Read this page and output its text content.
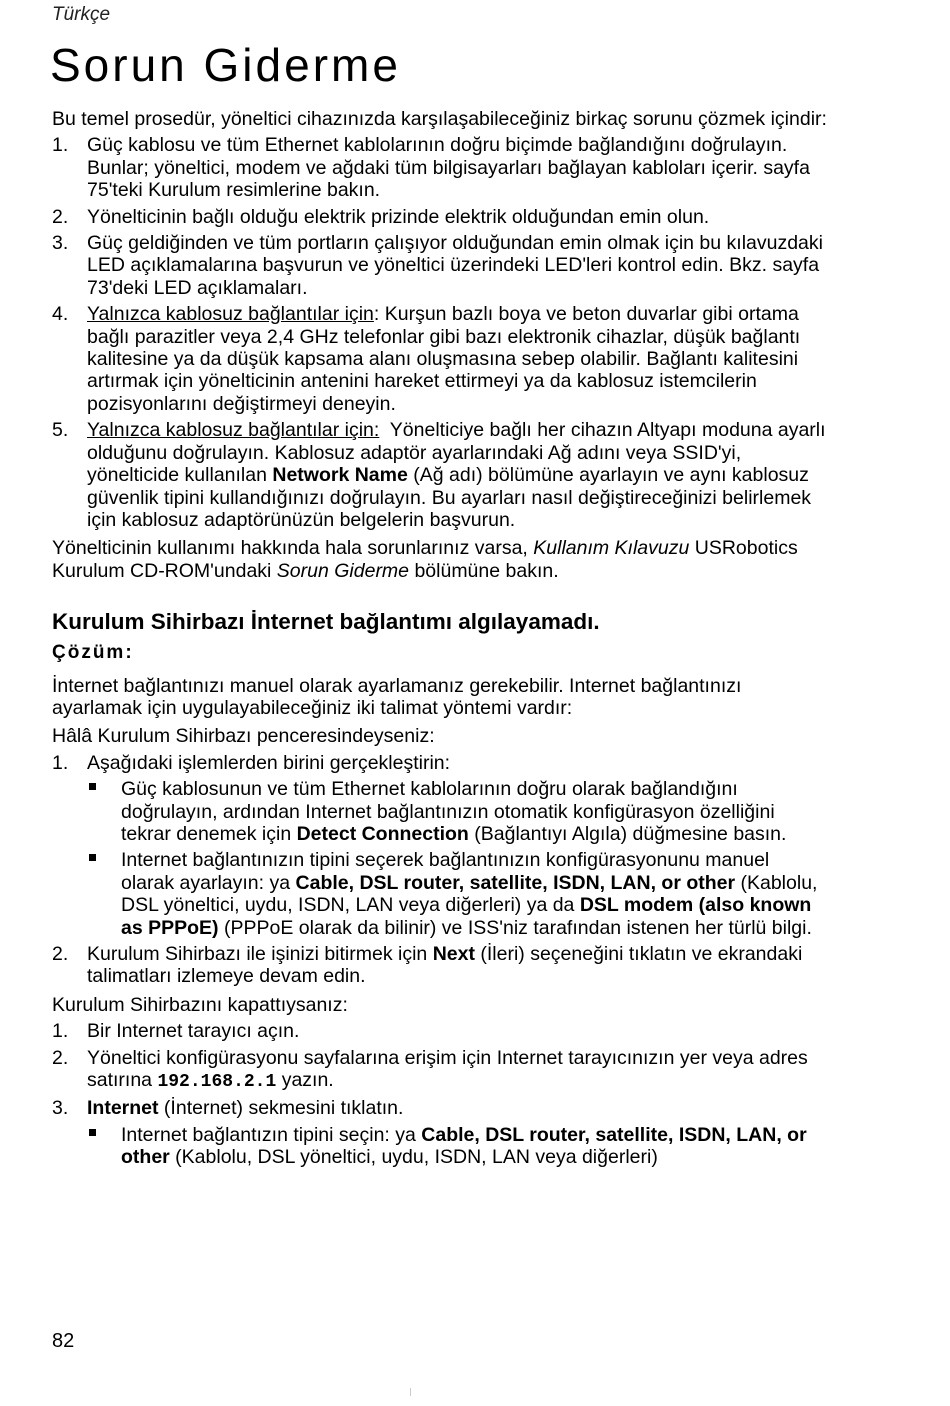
Türkçe
Sorun Giderme

Bu temel prosedür, yöneltici cihazınızda karşılaşabileceğiniz birkaç sorunu çözmek içindir:

1. Güç kablosu ve tüm Ethernet kablolarının doğru biçimde bağlandığını doğrulayın. Bunlar; yöneltici, modem ve ağdaki tüm bilgisayarları bağlayan kabloları içerir. sayfa 75'teki Kurulum resimlerine bakın.
2. Yönelticinin bağlı olduğu elektrik prizinde elektrik olduğundan emin olun.
3. Güç geldiğinden ve tüm portların çalışıyor olduğundan emin olmak için bu kılavuzdaki LED açıklamalarına başvurun ve yöneltici üzerindeki LED'leri kontrol edin. Bkz. sayfa 73'deki LED açıklamaları.
4. Yalnızca kablosuz bağlantılar için: Kurşun bazlı boya ve beton duvarlar gibi ortama bağlı parazitler veya 2,4 GHz telefonlar gibi bazı elektronik cihazlar, düşük bağlantı kalitesine ya da düşük kapsama alanı oluşmasına sebep olabilir. Bağlantı kalitesini artırmak için yönelticinin antenini hareket ettirmeyi ya da kablosuz istemcilerin pozisyonlarını değiştirmeyi deneyin.
5. Yalnızca kablosuz bağlantılar için:  Yönelticiye bağlı her cihazın Altyapı moduna ayarlı olduğunu doğrulayın. Kablosuz adaptör ayarlarındaki Ağ adını veya SSID'yi, yönelticide kullanılan Network Name (Ağ adı) bölümüne ayarlayın ve aynı kablosuz güvenlik tipini kullandığınızı doğrulayın. Bu ayarları nasıl değiştireceğinizi belirlemek için kablosuz adaptörünüzün belgelerin başvurun.

Yönelticinin kullanımı hakkında hala sorunlarınız varsa, Kullanım Kılavuzu USRobotics Kurulum CD-ROM'undaki Sorun Giderme bölümüne bakın.

Kurulum Sihirbazı İnternet bağlantımı algılayamadı.
Çözüm:

İnternet bağlantınızı manuel olarak ayarlamanız gerekebilir. Internet bağlantınızı ayarlamak için uygulayabileceğiniz iki talimat yöntemi vardır:

Hâlâ Kurulum Sihirbazı penceresindeyseniz:

1. Aşağıdaki işlemlerden birini gerçekleştirin:
Güç kablosunun ve tüm Ethernet kablolarının doğru olarak bağlandığını doğrulayın, ardından Internet bağlantınızın otomatik konfigürasyon özelliğini tekrar denemek için Detect Connection (Bağlantıyı Algıla) düğmesine basın.
Internet bağlantınızın tipini seçerek bağlantınızın konfigürasyonunu manuel olarak ayarlayın: ya Cable, DSL router, satellite, ISDN, LAN, or other (Kablolu, DSL yöneltici, uydu, ISDN, LAN veya diğerleri) ya da DSL modem (also known as PPPoE) (PPPoE olarak da bilinir) ve ISS'niz tarafından istenen her türlü bilgi.
2. Kurulum Sihirbazı ile işinizi bitirmek için Next (İleri) seçeneğini tıklatın ve ekrandaki talimatları izlemeye devam edin.

Kurulum Sihirbazını kapattıysanız:

1. Bir Internet tarayıcı açın.
2. Yöneltici konfigürasyonu sayfalarına erişim için Internet tarayıcınızın yer veya adres satırına 192.168.2.1 yazın.
3. Internet (İnternet) sekmesini tıklatın.
Internet bağlantızın tipini seçin: ya Cable, DSL router, satellite, ISDN, LAN, or other (Kablolu, DSL yöneltici, uydu, ISDN, LAN veya diğerleri)
82
